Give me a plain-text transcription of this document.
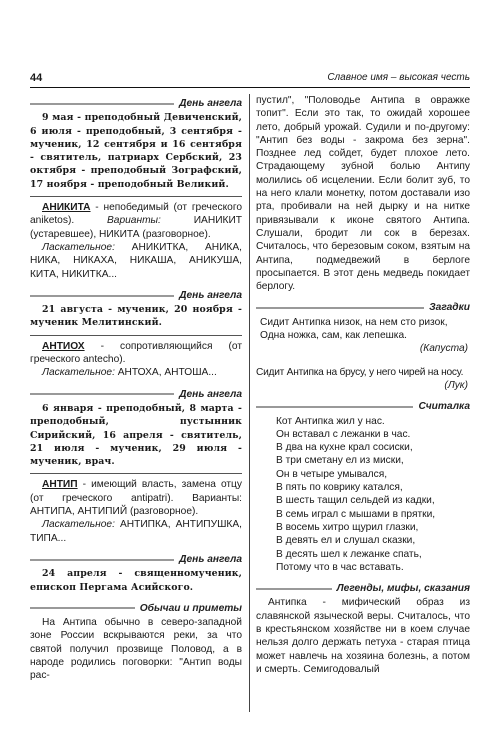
44	Славное имя – высокая честь
День ангела

9 мая - преподобный Девиченский, 6 июля - преподобный, 3 сентября - мученик, 12 сентября и 16 сентября - святитель, патриарх Сербский, 23 октября - преподобный Зографский, 17 ноября - преподобный Великий.

АНИКИТА - непобедимый (от греческого aniketos). Варианты: ИАНИКИТ (устаревшее), НИКИТА (разговорное).

Ласкательное: АНИКИТКА, АНИКА, НИКА, НИКАХА, НИКАША, АНИКУША, КИТА, НИКИТКА...

День ангела

21 августа - мученик, 20 ноября - мученик Мелитинский.

АНТИОХ - сопротивляющийся (от греческого antecho).

Ласкательное: АНТОХА, АНТОША...

День ангела

6 января - преподобный, 8 марта - преподобный, пустынник Сирийский, 16 апреля - святитель, 21 июля - мученик, 29 июля - мученик, врач.

АНТИП - имеющий власть, замена отцу (от греческого antipatri). Варианты: АНТИПА, АНТИПИЙ (разговорное).

Ласкательное: АНТИПКА, АНТИПУШКА, ТИПА...

День ангела

24 апреля - священномученик, епископ Пергама Асийского.

Обычаи и приметы

На Антипа обычно в северо-западной зоне России вскрываются реки, за что святой получил прозвище Половод, а в народе родились поговорки: "Антип воды рас-

пустил", "Половодье Антипа в овражке топит". Если это так, то ожидай хорошее лето, добрый урожай. Судили и по-другому: "Антип без воды - закрома без зерна". Позднее лед сойдет, будет плохое лето. Страдающему зубной болью Антипу молились об исцелении. Если болит зуб, то на него клали монетку, потом доставали изо рта, пробивали на ней дырку и на нитке привязывали к иконе святого Антипа. Слушали, бродит ли сок в березах. Считалось, что березовым соком, взятым на Антипа, подмедвежий в берлоге просыпается. В этот день медведь покидает берлогу.

Загадки

Сидит Антипка низок, на нем сто ризок,

Одна ножка, сам, как лепешка.

(Капуста)

Сидит Антипка на брусу, у него чирей на носу.

(Лук)

Считалка

Кот Антипка жил у нас.

Он вставал с лежанки в час.

В два на кухне крал сосиски,

В три сметану ел из миски,

Он в четыре умывался,

В пять по коврику катался,

В шесть тащил сельдей из кадки,

В семь играл с мышами в прятки,

В восемь хитро щурил глазки,

В девять ел и слушал сказки,

В десять шел к лежанке спать,

Потому что в час вставать.

Легенды, мифы, сказания

Антипка - мифический образ из славянской языческой веры. Считалось, что в крестьянском хозяйстве ни в коем случае нельзя долго держать петуха - старая птица может навлечь на хозяина болезнь, а потом и смерть. Семигодовалый
